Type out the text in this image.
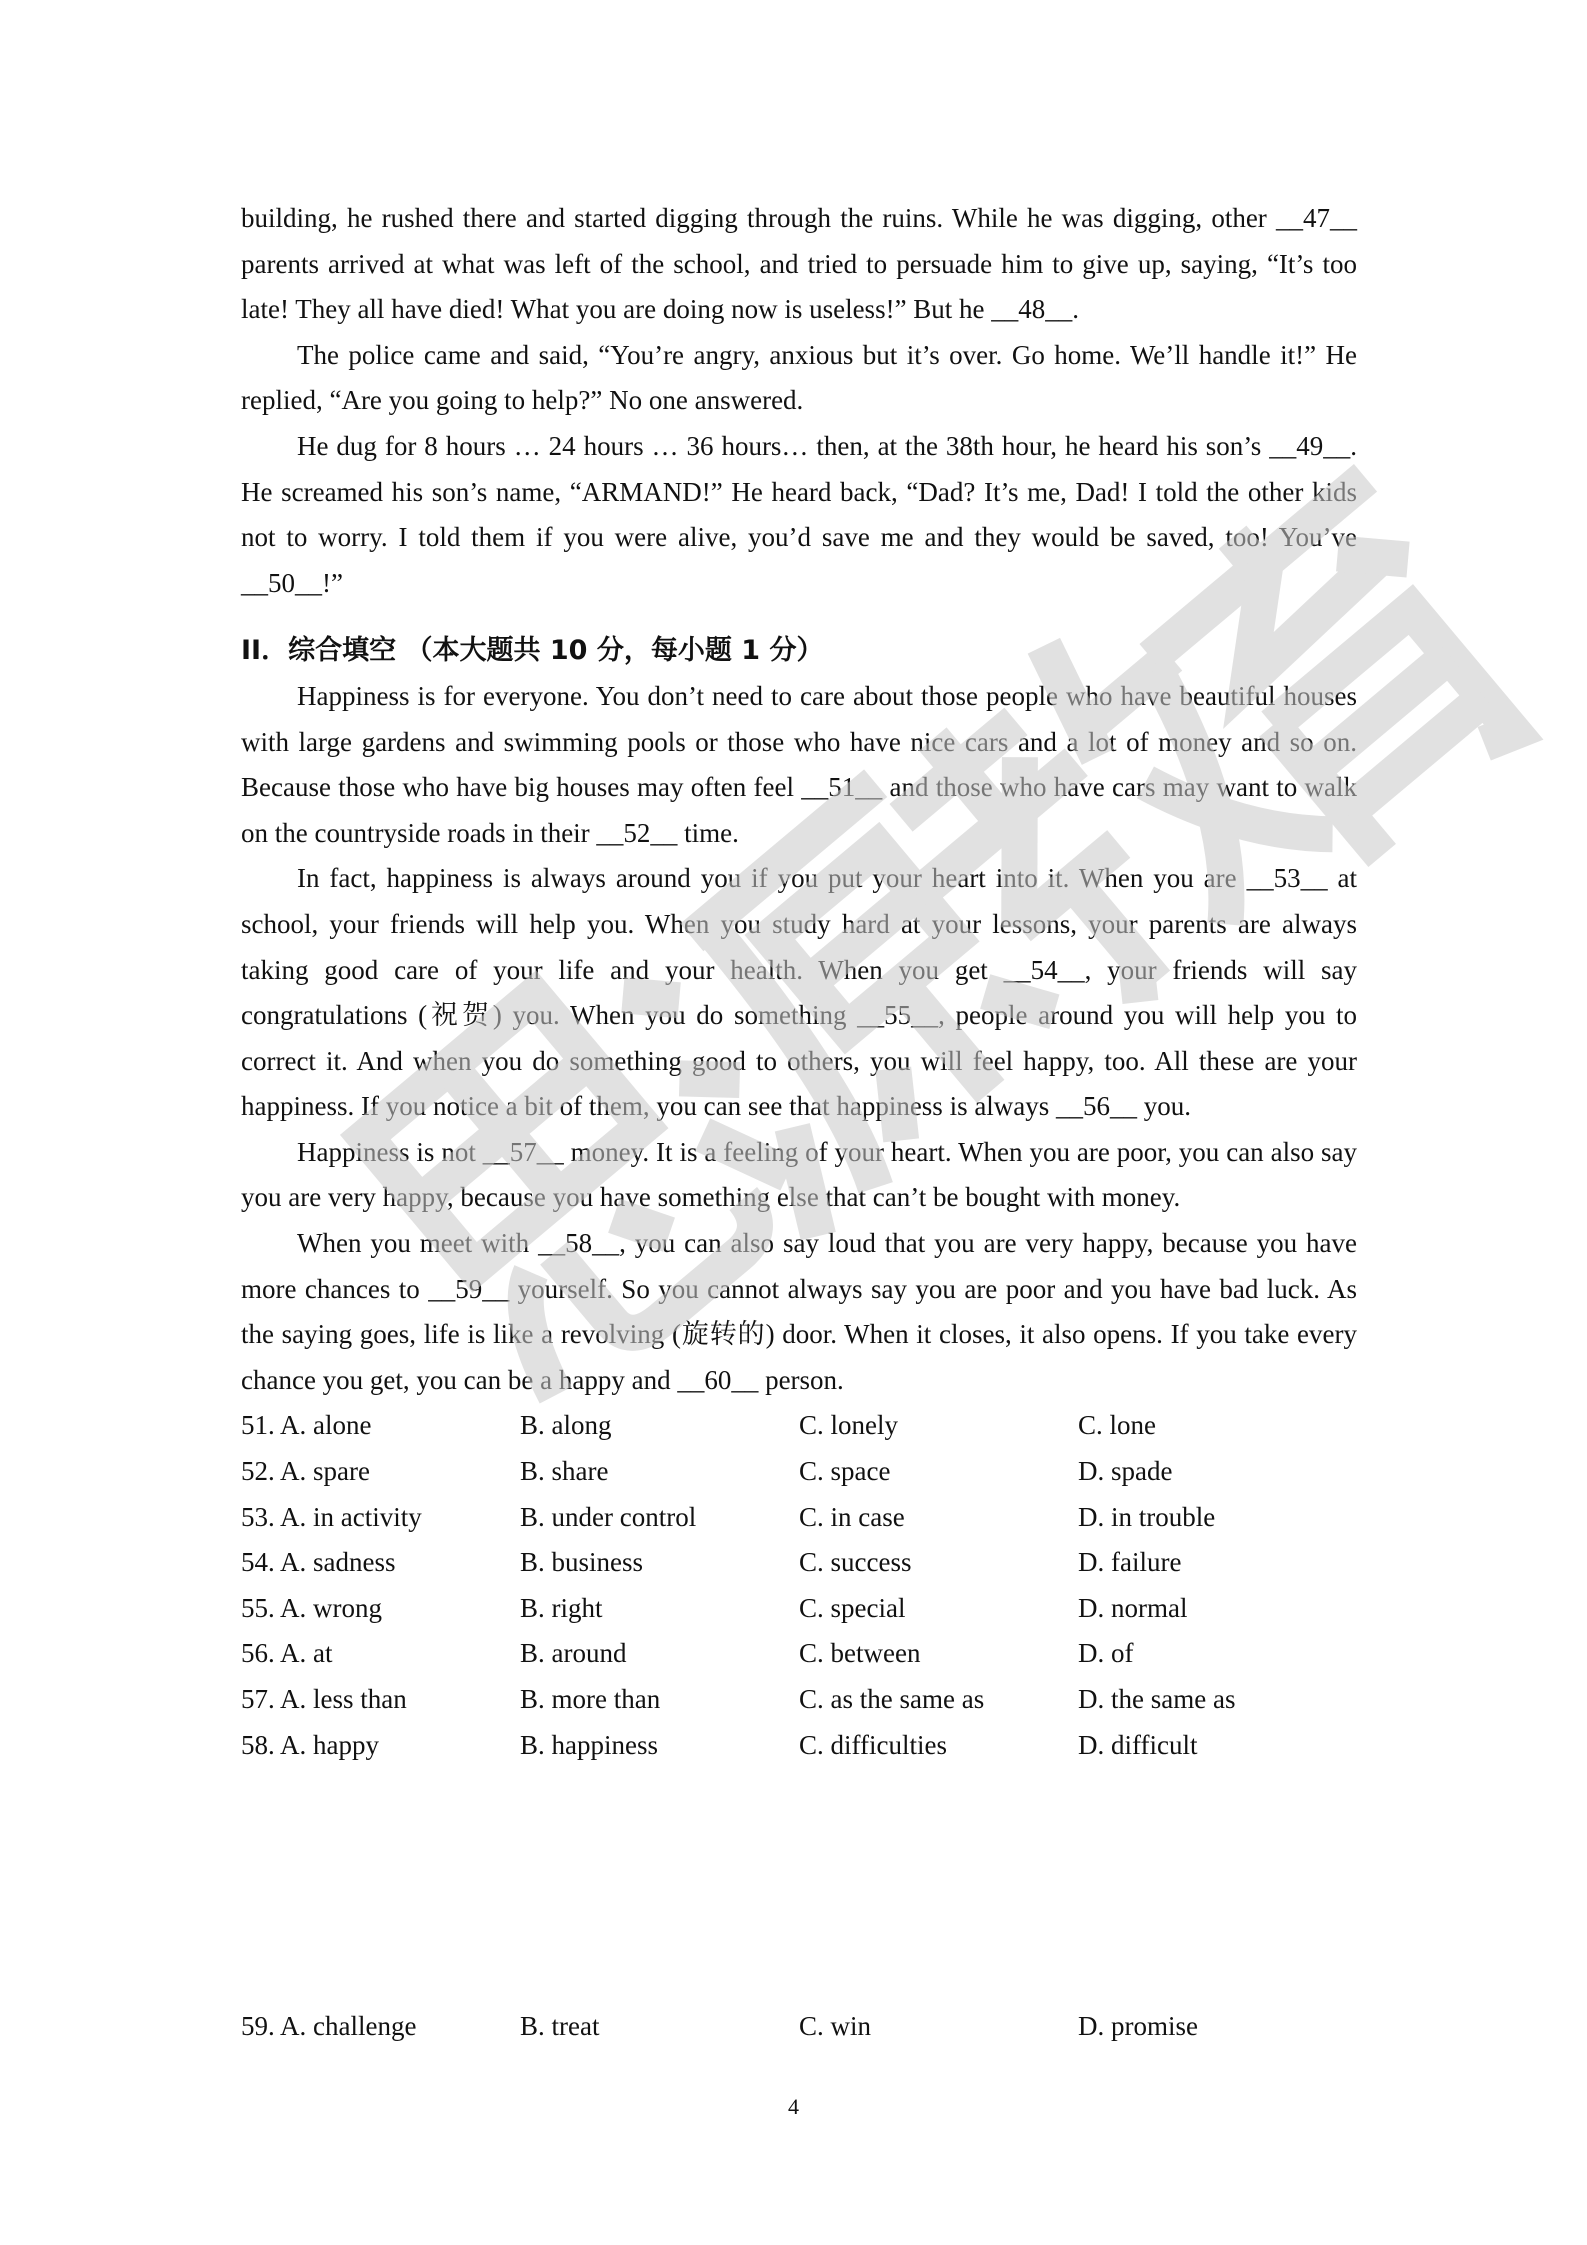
building, he rushed there and started digging through the ruins. While he was digging, other __47__ parents arrived at what was left of the school, and tried to persuade him to give up, saying, “It’s too late! They all have died! What you are doing now is useless!” But he __48__.

The police came and said, “You’re angry, anxious but it’s over. Go home. We’ll handle it!” He replied, “Are you going to help?” No one answered.

He dug for 8 hours … 24 hours … 36 hours… then, at the 38th hour, he heard his son’s __49__. He screamed his son’s name, “ARMAND!” He heard back, “Dad? It’s me, Dad! I told the other kids not to worry. I told them if you were alive, you’d save me and they would be saved, too! You’ve __50__!”

II．综合填空 （本大题共 10 分，每小题 1 分）

Happiness is for everyone. You don’t need to care about those people who have beautiful houses with large gardens and swimming pools or those who have nice cars and a lot of money and so on. Because those who have big houses may often feel __51__ and those who have cars may want to walk on the countryside roads in their __52__ time.

In fact, happiness is always around you if you put your heart into it. When you are __53__ at school, your friends will help you. When you study hard at your lessons, your parents are always taking good care of your life and your health. When you get __54__, your friends will say congratulations (祝贺) you. When you do something __55__, people around you will help you to correct it. And when you do something good to others, you will feel happy, too. All these are your happiness. If you notice a bit of them, you can see that happiness is always __56__ you.

Happiness is not __57__ money. It is a feeling of your heart. When you are poor, you can also say you are very happy, because you have something else that can’t be bought with money.

When you meet with __58__, you can also say loud that you are very happy, because you have more chances to __59__ yourself. So you cannot always say you are poor and you have bad luck. As the saying goes, life is like a revolving (旋转的) door. When it closes, it also opens. If you take every chance you get, you can be a happy and __60__ person.

51. A. alone	B. along	C. lonely	C. lone
52. A. spare	B. share	C. space	D. spade
53. A. in activity	B. under control	C. in case	D. in trouble
54. A. sadness	B. business	C. success	D. failure
55. A. wrong	B. right	C. special	D. normal
56. A. at	B. around	C. between	D. of
57. A. less than	B. more than	C. as the same as	D. the same as
58. A. happy	B. happiness	C. difficulties	D. difficult
59. A. challenge	B. treat	C. win	D. promise
4
